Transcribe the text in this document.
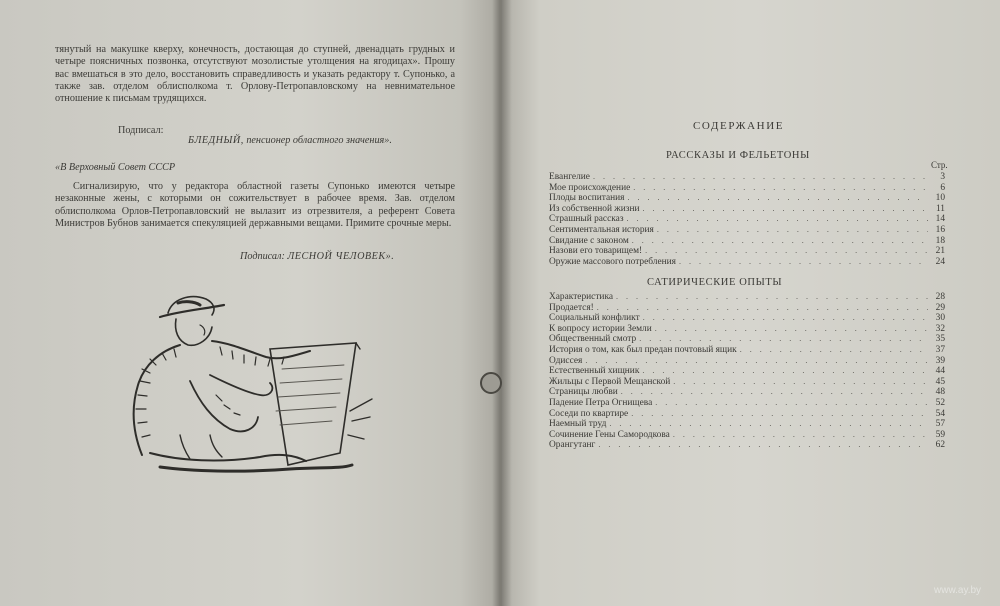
тянутый на макушке кверху, конечность, достающая до ступней, двенадцать грудных и четыре поясничных позвонка, отсутствуют мозолистые утолщения на ягодицах». Прошу вас вмешаться в это дело, восстановить справедливость и указать редактору т. Супонько, а также зав. отделом облисполкома т. Орлову-Петропавловскому на невнимательное отношение к письмам трудящихся.

Подписал:

БЛЕДНЫЙ, пенсионер областного значения».

«В Верховный Совет СССР

Сигнализирую, что у редактора областной газеты Супонько имеются четыре незаконные жены, с которыми он сожительствует в рабочее время. Зав. отделом облисполкома Орлов-Петропавловский не вылазит из отрезвителя, а референт Совета Министров Бубнов занимается спекуляцией державными вещами. Примите срочные меры.

Подписал: ЛЕСНОЙ ЧЕЛОВЕК».

СОДЕРЖАНИЕ

РАССКАЗЫ И ФЕЛЬЕТОНЫ

Стр.

Евангелие . . .	3
Мое происхождение . . .	6
Плоды воспитания . . .	10
Из собственной жизни . . .	11
Страшный рассказ . . .	14
Сентиментальная история . . .	16
Свидание с законом . . .	18
Назови его товарищем! . . .	21
Оружие массового потребления . . .	24

САТИРИЧЕСКИЕ ОПЫТЫ

Характеристика . . .	28
Продается! . . .	29
Социальный конфликт . . .	30
К вопросу истории Земли . . .	32
Общественный смотр . . .	35
История о том, как был предан почтовый ящик . . .	37
Одиссея . . .	39
Естественный хищник . . .	44
Жильцы с Первой Мещанской . . .	45
Страницы любви . . .	48
Падение Петра Огнищева . . .	52
Соседи по квартире . . .	54
Наемный труд . . .	57
Сочинение Гены Самородкова . . .	59
Орангутанг . . .	62

www.ay.by
